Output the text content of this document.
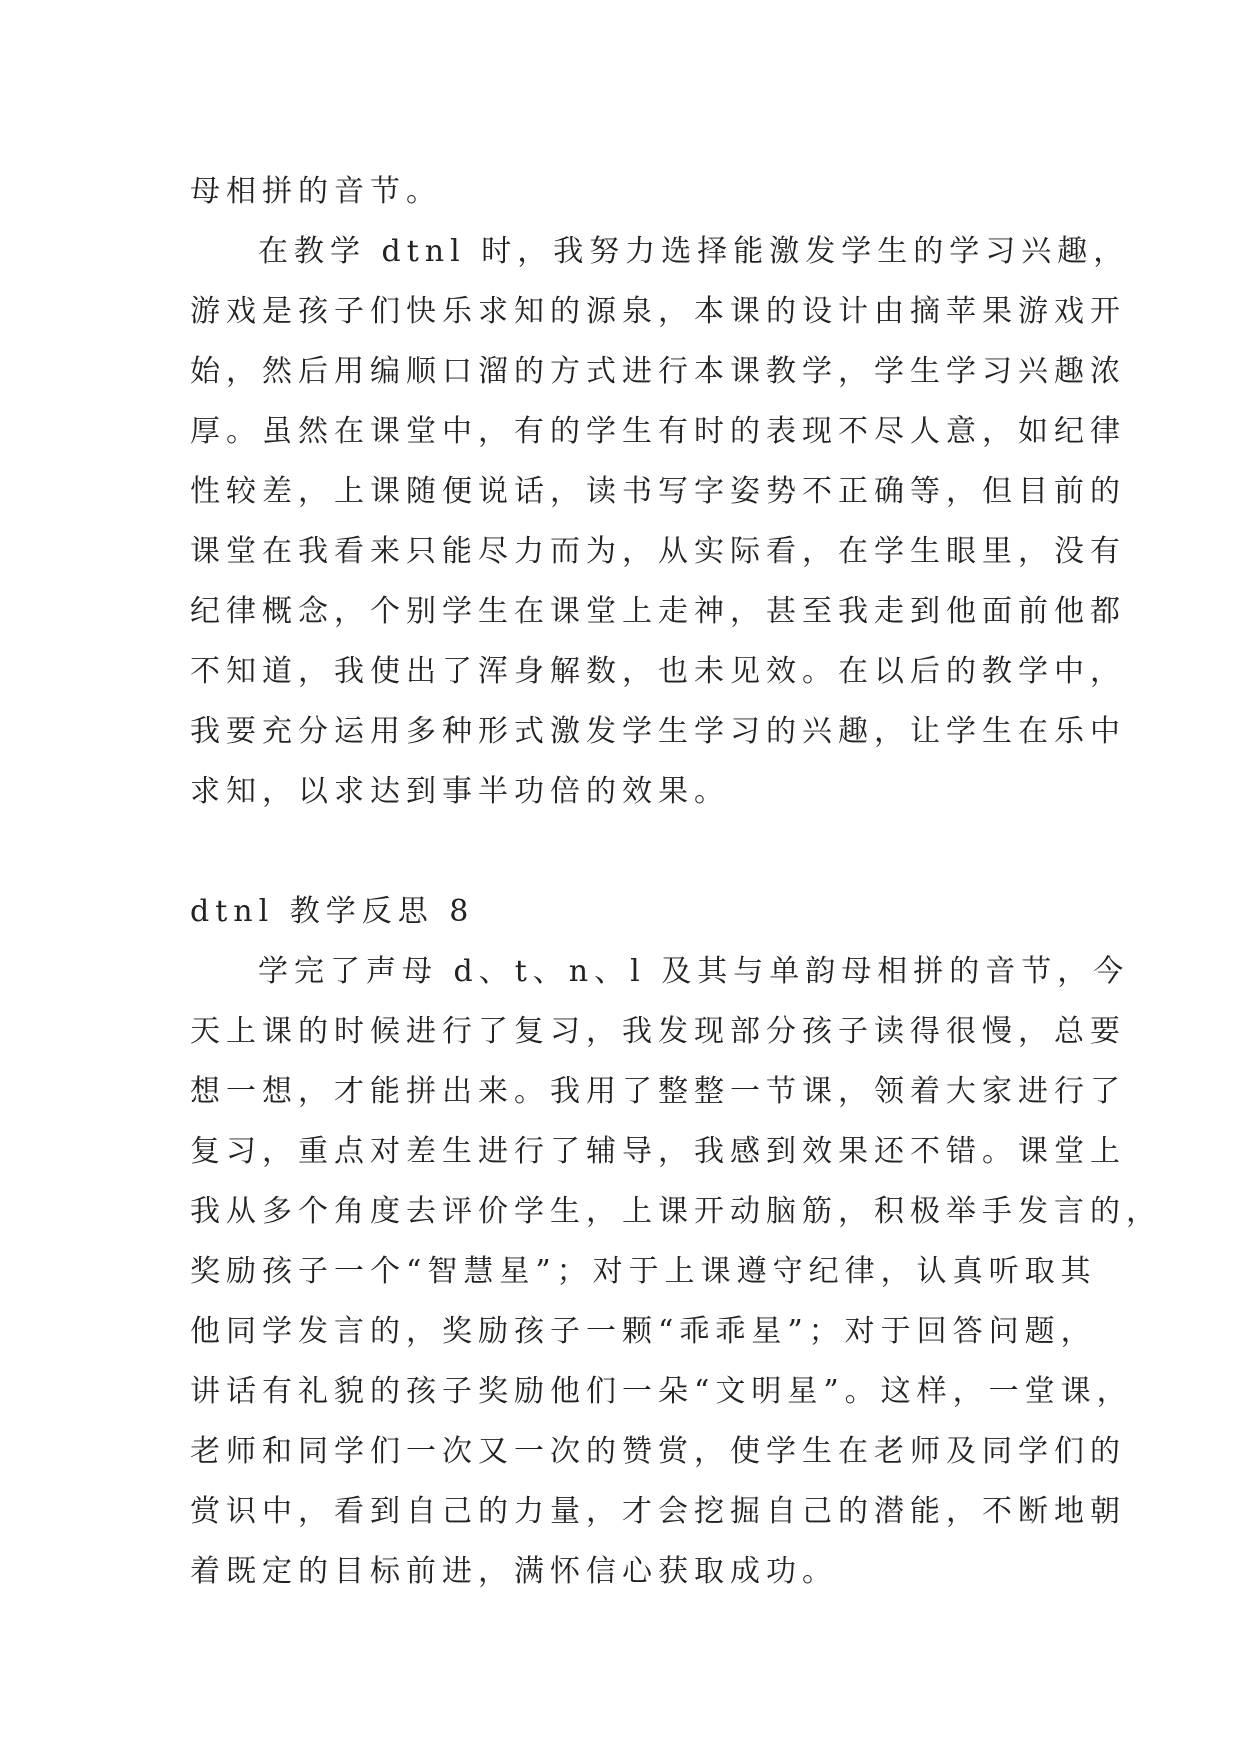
母相拼的音节。
在教学 dtnl 时，我努力选择能激发学生的学习兴趣，
游戏是孩子们快乐求知的源泉，本课的设计由摘苹果游戏开
始，然后用编顺口溜的方式进行本课教学，学生学习兴趣浓
厚。虽然在课堂中，有的学生有时的表现不尽人意，如纪律
性较差，上课随便说话，读书写字姿势不正确等，但目前的
课堂在我看来只能尽力而为，从实际看，在学生眼里，没有
纪律概念，个别学生在课堂上走神，甚至我走到他面前他都
不知道，我使出了浑身解数，也未见效。在以后的教学中，
我要充分运用多种形式激发学生学习的兴趣，让学生在乐中
求知，以求达到事半功倍的效果。
dtnl 教学反思 8
学完了声母 d、t、n、l 及其与单韵母相拼的音节，今
天上课的时候进行了复习，我发现部分孩子读得很慢，总要
想一想，才能拼出来。我用了整整一节课，领着大家进行了
复习，重点对差生进行了辅导，我感到效果还不错。课堂上
我从多个角度去评价学生，上课开动脑筋，积极举手发言的，
奖励孩子一个“智慧星”；对于上课遵守纪律，认真听取其
他同学发言的，奖励孩子一颗“乖乖星”；对于回答问题，
讲话有礼貌的孩子奖励他们一朵“文明星”。这样，一堂课，
老师和同学们一次又一次的赞赏，使学生在老师及同学们的
赏识中，看到自己的力量，才会挖掘自己的潜能，不断地朝
着既定的目标前进，满怀信心获取成功。
